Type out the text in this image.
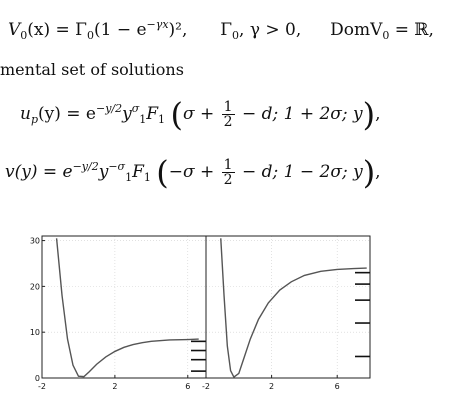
$V_0(x) = \Gamma_0(1 - e^{-\gamma x})^2$, $\Gamma_0$, γ > 0, DomV$_0$ = ℝ,
mental set of solutions
$u_p(y) = e^{-y/2}y^\sigma_1F_1$ ($\sigma + \frac{1}{2} - d$; 1 + 2σ; y),
$v(y) = e^{-y/2}y^{-\sigma}_1F_1$ ($-\sigma + \frac{1}{2} - d$; 1 − 2σ; y),
-2	2	6
0
10
20
30
-2	2	6
